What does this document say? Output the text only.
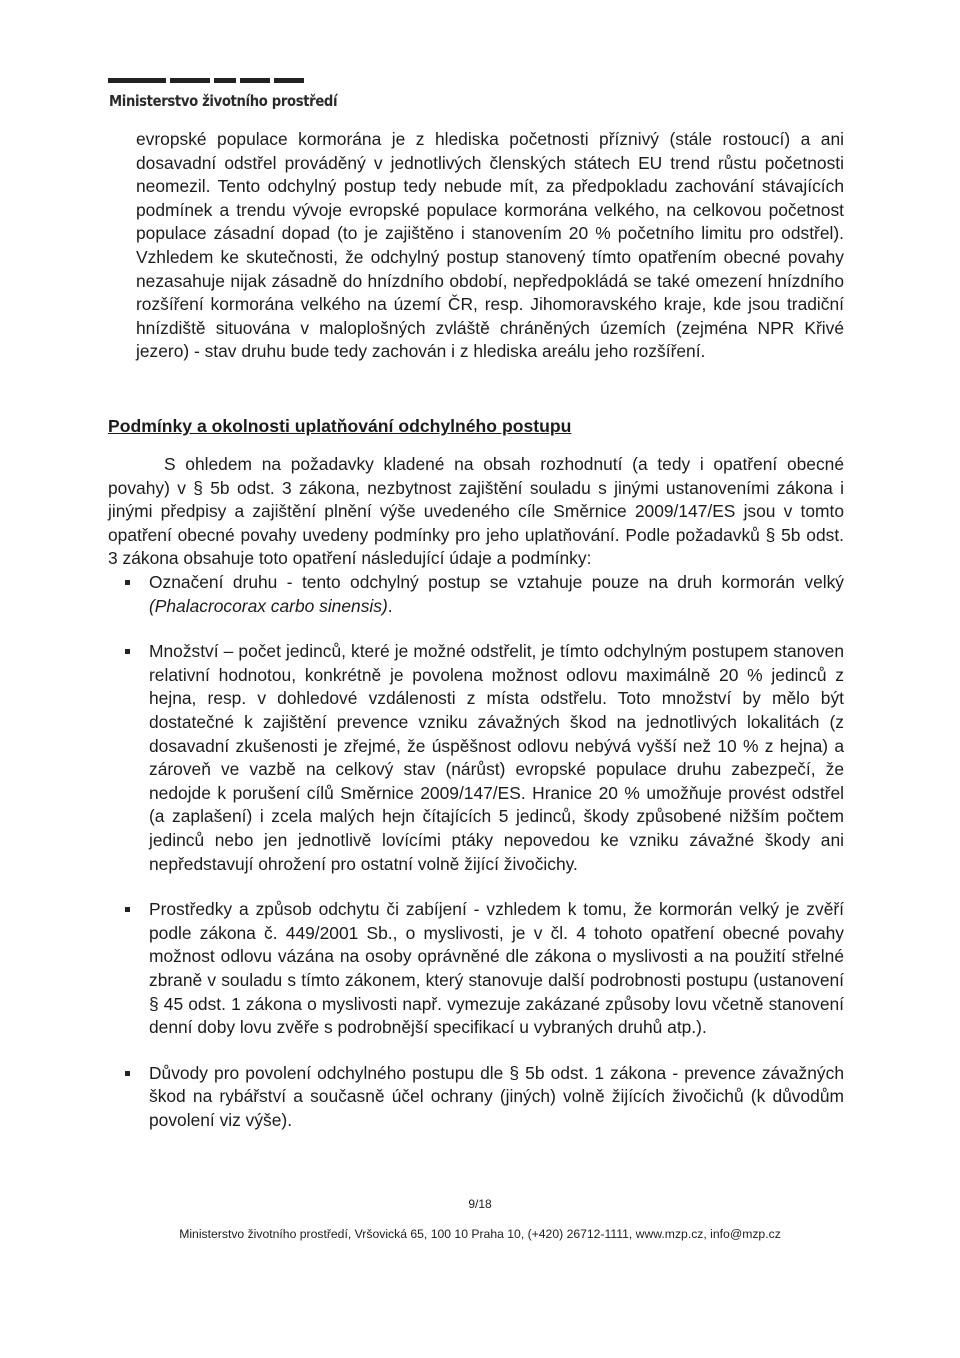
Ministerstvo životního prostředí

evropské populace kormorána je z hlediska početnosti příznivý (stále rostoucí) a ani dosavadní odstřel prováděný v jednotlivých členských státech EU trend růstu početnosti neomezil. Tento odchylný postup tedy nebude mít, za předpokladu zachování stávajících podmínek a trendu vývoje evropské populace kormorána velkého, na celkovou početnost populace zásadní dopad (to je zajištěno i stanovením 20 % početního limitu pro odstřel). Vzhledem ke skutečnosti, že odchylný postup stanovený tímto opatřením obecné povahy nezasahuje nijak zásadně do hnízdního období, nepředpokládá se také omezení hnízdního rozšíření kormorána velkého na území ČR, resp. Jihomoravského kraje, kde jsou tradiční hnízdiště situována v maloplošných zvláště chráněných územích (zejména NPR Křivé jezero) - stav druhu bude tedy zachován i z hlediska areálu jeho rozšíření.

Podmínky a okolnosti uplatňování odchylného postupu

S ohledem na požadavky kladené na obsah rozhodnutí (a tedy i opatření obecné povahy) v § 5b odst. 3 zákona, nezbytnost zajištění souladu s jinými ustanoveními zákona i jinými předpisy a zajištění plnění výše uvedeného cíle Směrnice 2009/147/ES jsou v tomto opatření obecné povahy uvedeny podmínky pro jeho uplatňování. Podle požadavků § 5b odst. 3 zákona obsahuje toto opatření následující údaje a podmínky:

Označení druhu - tento odchylný postup se vztahuje pouze na druh kormorán velký (Phalacrocorax carbo sinensis).

Množství – počet jedinců, které je možné odstřelit, je tímto odchylným postupem stanoven relativní hodnotou, konkrétně je povolena možnost odlovu maximálně 20 % jedinců z hejna, resp. v dohledové vzdálenosti z místa odstřelu. Toto množství by mělo být dostatečné k zajištění prevence vzniku závažných škod na jednotlivých lokalitách (z dosavadní zkušenosti je zřejmé, že úspěšnost odlovu nebývá vyšší než 10 % z hejna) a zároveň ve vazbě na celkový stav (nárůst) evropské populace druhu zabezpečí, že nedojde k porušení cílů Směrnice 2009/147/ES. Hranice 20 % umožňuje provést odstřel (a zaplašení) i zcela malých hejn čítajících 5 jedinců, škody způsobené nižším počtem jedinců nebo jen jednotlivě lovícími ptáky nepovedou ke vzniku závažné škody ani nepředstavují ohrožení pro ostatní volně žijící živočichy.

Prostředky a způsob odchytu či zabíjení - vzhledem k tomu, že kormorán velký je zvěří podle zákona č. 449/2001 Sb., o myslivosti, je v čl. 4 tohoto opatření obecné povahy možnost odlovu vázána na osoby oprávněné dle zákona o myslivosti a na použití střelné zbraně v souladu s tímto zákonem, který stanovuje další podrobnosti postupu (ustanovení § 45 odst. 1 zákona o myslivosti např. vymezuje zakázané způsoby lovu včetně stanovení denní doby lovu zvěře s podrobnější specifikací u vybraných druhů atp.).

Důvody pro povolení odchylného postupu dle § 5b odst. 1 zákona - prevence závažných škod na rybářství a současně účel ochrany (jiných) volně žijících živočichů (k důvodům povolení viz výše).

9/18
Ministerstvo životního prostředí, Vršovická 65, 100 10 Praha 10, (+420) 26712-1111, www.mzp.cz, info@mzp.cz
